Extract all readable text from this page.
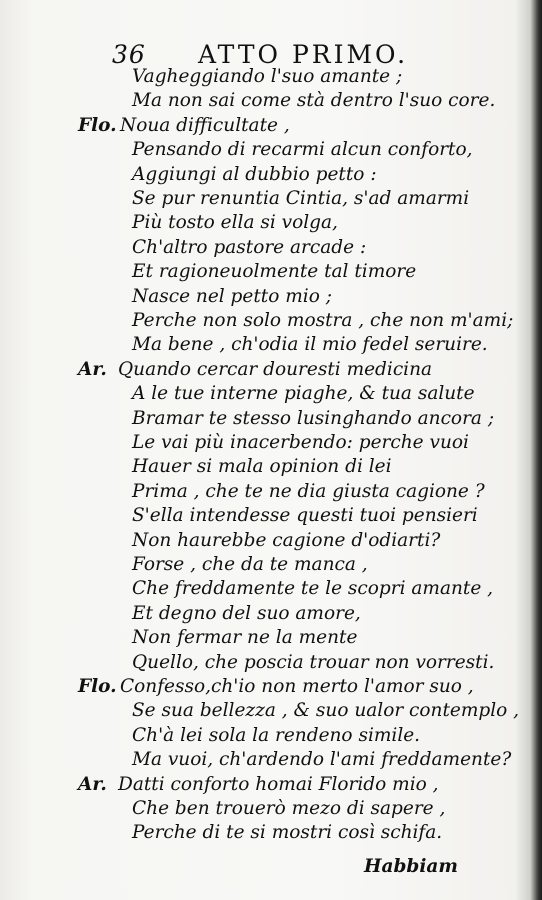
36 ATTO PRIMO.
Vagheggiando l'suo amante ;
Ma non sai come stà dentro l'suo core.
Flo. Noua difficultate ,
Pensando di recarmi alcun conforto,
Aggiungi al dubbio petto :
Se pur renuntia Cintia, s'ad amarmi
Più tosto ella si volga,
Ch'altro pastore arcade :
Et ragioneuolmente tal timore
Nasce nel petto mio ;
Perche non solo mostra , che non m'ami;
Ma bene , ch'odia il mio fedel seruire.
Ar. Quando cercar douresti medicina
A le tue interne piaghe, & tua salute
Bramar te stesso lusinghando ancora ;
Le vai più inacerbendo: perche vuoi
Hauer si mala opinion di lei
Prima , che te ne dia giusta cagione ?
S'ella intendesse questi tuoi pensieri
Non haurebbe cagione d'odiarti?
Forse , che da te manca ,
Che freddamente te le scopri amante ,
Et degno del suo amore,
Non fermar ne la mente
Quello, che poscia trouar non vorresti.
Flo. Confesso,ch'io non merto l'amor suo ,
Se sua bellezza , & suo ualor contemplo ,
Ch'à lei sola la rendeno simile.
Ma vuoi, ch'ardendo l'ami freddamente?
Ar. Datti conforto homai Florido mio ,
Che ben trouerò mezo di sapere ,
Perche di te si mostri così schifa.
Habbiam
